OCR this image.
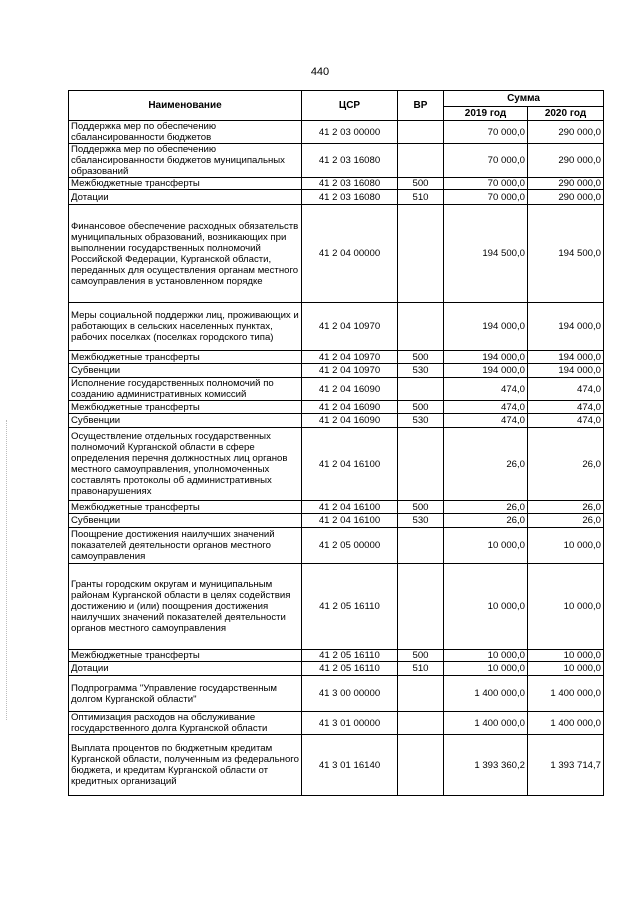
440
Наименование	ЦСР	ВР	Сумма	
			2019 год	2020 год
Поддержка мер по обеспечению сбалансированности бюджетов	41 2 03 00000		70 000,0	290 000,0
Поддержка мер по обеспечению сбалансированности бюджетов муниципальных образований	41 2 03 16080		70 000,0	290 000,0
Межбюджетные трансферты	41 2 03 16080	500	70 000,0	290 000,0
Дотации	41 2 03 16080	510	70 000,0	290 000,0
Финансовое обеспечение расходных обязательств муниципальных образований, возникающих при выполнении государственных полномочий Российской Федерации, Курганской области, переданных для осуществления органам местного самоуправления в установленном порядке	41 2 04 00000		194 500,0	194 500,0
Меры социальной поддержки лиц, проживающих и работающих в сельских населенных пунктах, рабочих поселках (поселках городского типа)	41 2 04 10970		194 000,0	194 000,0
Межбюджетные трансферты	41 2 04 10970	500	194 000,0	194 000,0
Субвенции	41 2 04 10970	530	194 000,0	194 000,0
Исполнение государственных полномочий по созданию административных комиссий	41 2 04 16090		474,0	474,0
Межбюджетные трансферты	41 2 04 16090	500	474,0	474,0
Субвенции	41 2 04 16090	530	474,0	474,0
Осуществление отдельных государственных полномочий Курганской области в сфере определения перечня должностных лиц органов местного самоуправления, уполномоченных составлять протоколы об административных правонарушениях	41 2 04 16100		26,0	26,0
Межбюджетные трансферты	41 2 04 16100	500	26,0	26,0
Субвенции	41 2 04 16100	530	26,0	26,0
Поощрение достижения наилучших значений показателей деятельности органов местного самоуправления	41 2 05 00000		10 000,0	10 000,0
Гранты городским округам и муниципальным районам Курганской области в целях содействия достижению и (или) поощрения достижения наилучших значений показателей деятельности органов местного самоуправления	41 2 05 16110		10 000,0	10 000,0
Межбюджетные трансферты	41 2 05 16110	500	10 000,0	10 000,0
Дотации	41 2 05 16110	510	10 000,0	10 000,0
Подпрограмма "Управление государственным долгом Курганской области"	41 3 00 00000		1 400 000,0	1 400 000,0
Оптимизация расходов на обслуживание государственного долга Курганской области	41 3 01 00000		1 400 000,0	1 400 000,0
Выплата процентов по бюджетным кредитам Курганской области, полученным из федерального бюджета, и кредитам Курганской области от кредитных организаций	41 3 01 16140		1 393 360,2	1 393 714,7
